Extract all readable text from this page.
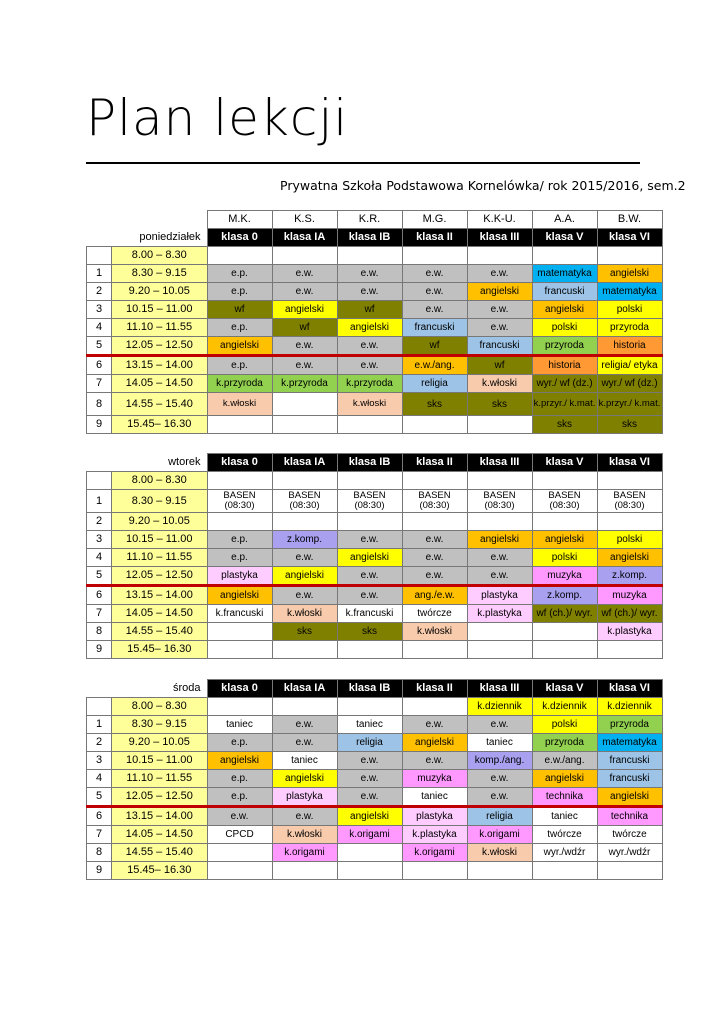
Plan lekcji
Prywatna Szkoła Podstawowa Kornelówka/ rok 2015/2016, sem.2
		M.K.	K.S.	K.R.	M.G.	K.K-U.	A.A.	B.W.
	poniedziałek	klasa 0	klasa IA	klasa IB	klasa II	klasa III	klasa V	klasa VI
	8.00 – 8.30							
1	8.30 – 9.15	e.p.	e.w.	e.w.	e.w.	e.w.	matematyka	angielski
2	9.20 – 10.05	e.p.	e.w.	e.w.	e.w.	angielski	francuski	matematyka
3	10.15 – 11.00	wf	angielski	wf	e.w.	e.w.	angielski	polski
4	11.10 – 11.55	e.p.	wf	angielski	francuski	e.w.	polski	przyroda
5	12.05 – 12.50	angielski	e.w.	e.w.	wf	francuski	przyroda	historia
6	13.15 – 14.00	e.p.	e.w.	e.w.	e.w./ang.	wf	historia	religia/ etyka
7	14.05 – 14.50	k.przyroda	k.przyroda	k.przyroda	religia	k.włoski	wyr./ wf (dz.)	wyr./ wf (dz.)
8	14.55 – 15.40	k.włoski		k.włoski	sks	sks	k.przyr./ k.mat.	k.przyr./ k.mat.
9	15.45– 16.30						sks	sks
	wtorek	klasa 0	klasa IA	klasa IB	klasa II	klasa III	klasa V	klasa VI
	8.00 – 8.30							
1	8.30 – 9.15	BASEN (08:30)	BASEN (08:30)	BASEN (08:30)	BASEN (08:30)	BASEN (08:30)	BASEN (08:30)	BASEN (08:30)
2	9.20 – 10.05							
3	10.15 – 11.00	e.p.	z.komp.	e.w.	e.w.	angielski	angielski	polski
4	11.10 – 11.55	e.p.	e.w.	angielski	e.w.	e.w.	polski	angielski
5	12.05 – 12.50	plastyka	angielski	e.w.	e.w.	e.w.	muzyka	z.komp.
6	13.15 – 14.00	angielski	e.w.	e.w.	ang./e.w.	plastyka	z.komp.	muzyka
7	14.05 – 14.50	k.francuski	k.włoski	k.francuski	twórcze	k.plastyka	wf (ch.)/ wyr.	wf (ch.)/ wyr.
8	14.55 – 15.40		sks	sks	k.włoski			k.plastyka
9	15.45– 16.30							
	środa	klasa 0	klasa IA	klasa IB	klasa II	klasa III	klasa V	klasa VI
	8.00 – 8.30					k.dziennik	k.dziennik	k.dziennik
1	8.30 – 9.15	taniec	e.w.	taniec	e.w.	e.w.	polski	przyroda
2	9.20 – 10.05	e.p.	e.w.	religia	angielski	taniec	przyroda	matematyka
3	10.15 – 11.00	angielski	taniec	e.w.	e.w.	komp./ang.	e.w./ang.	francuski
4	11.10 – 11.55	e.p.	angielski	e.w.	muzyka	e.w.	angielski	francuski
5	12.05 – 12.50	e.p.	plastyka	e.w.	taniec	e.w.	technika	angielski
6	13.15 – 14.00	e.w.	e.w.	angielski	plastyka	religia	taniec	technika
7	14.05 – 14.50	CPCD	k.włoski	k.origami	k.plastyka	k.origami	twórcze	twórcze
8	14.55 – 15.40		k.origami		k.origami	k.włoski	wyr./wdźr	wyr./wdźr
9	15.45– 16.30							
